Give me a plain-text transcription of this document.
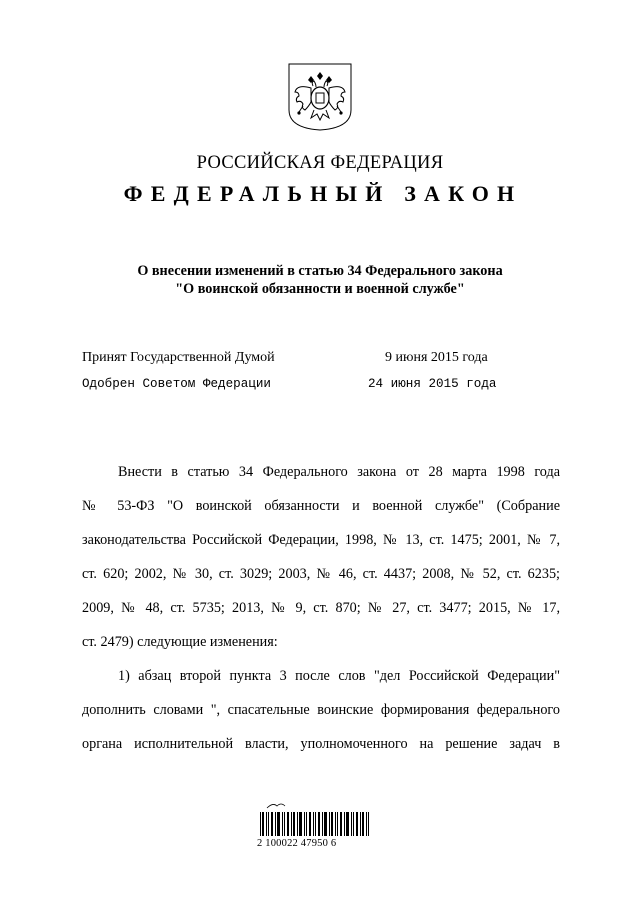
РОССИЙСКАЯ ФЕДЕРАЦИЯ
ФЕДЕРАЛЬНЫЙ ЗАКОН
О внесении изменений в статью 34 Федерального закона
"О воинской обязанности и военной службе"
Принят Государственной Думой	9 июня 2015 года
Одобрен Советом Федерации	24 июня 2015 года
Внести в статью 34 Федерального закона от 28 марта 1998 года
№ 53-ФЗ "О воинской обязанности и военной службе" (Собрание
законодательства Российской Федерации, 1998, № 13, ст. 1475; 2001, № 7,
ст. 620; 2002, № 30, ст. 3029; 2003, № 46, ст. 4437; 2008, № 52, ст. 6235;
2009, № 48, ст. 5735; 2013, № 9, ст. 870; № 27, ст. 3477; 2015, № 17,
ст. 2479) следующие изменения:
1) абзац второй пункта 3 после слов "дел Российской Федерации"
дополнить словами ", спасательные воинские формирования федерального
органа исполнительной власти, уполномоченного на решение задач в
2 100022 47950 6
